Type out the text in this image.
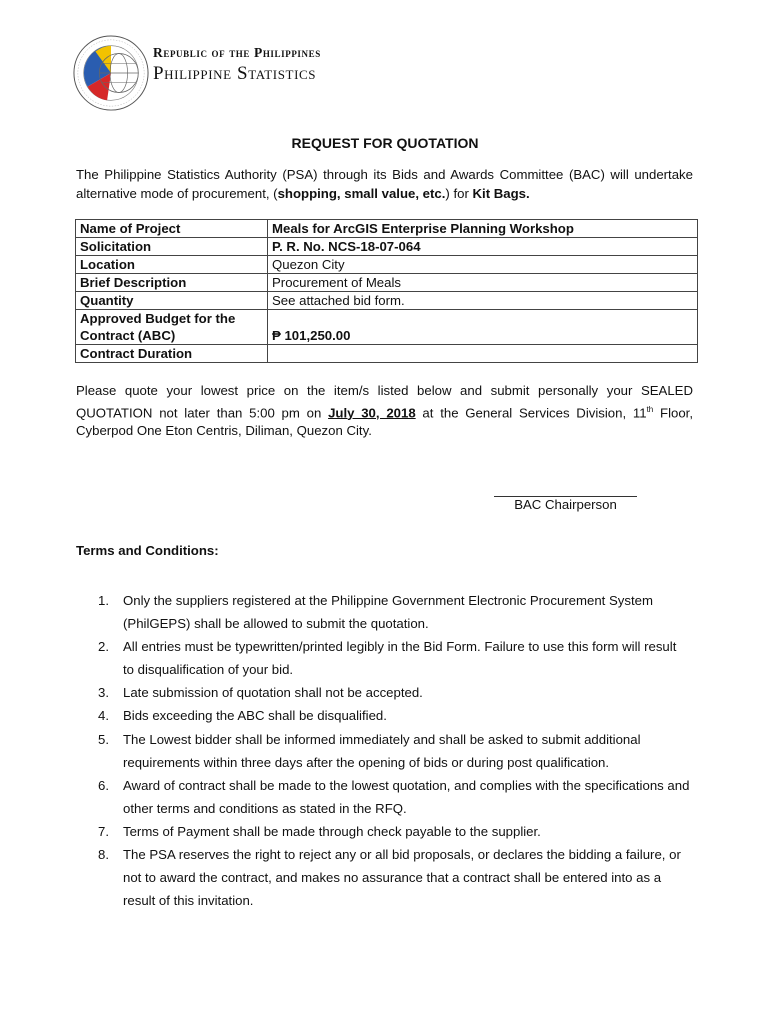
Republic of the Philippines
Philippine Statistics
REQUEST FOR QUOTATION
The Philippine Statistics Authority (PSA) through its Bids and Awards Committee (BAC) will undertake alternative mode of procurement, (shopping, small value, etc.) for Kit Bags.
Name of Project	Meals for ArcGIS Enterprise Planning Workshop
Solicitation	P. R. No. NCS-18-07-064
Location	Quezon City
Brief Description	Procurement of Meals
Quantity	See attached bid form.
Approved Budget for the
Contract (ABC)	₱ 101,250.00
Contract Duration	
Please quote your lowest price on the item/s listed below and submit personally your SEALED QUOTATION not later than 5:00 pm on July 30, 2018 at the General Services Division, 11th Floor, Cyberpod One Eton Centris, Diliman, Quezon City.
BAC Chairperson
Terms and Conditions:
1. Only the suppliers registered at the Philippine Government Electronic Procurement System (PhilGEPS) shall be allowed to submit the quotation.
2. All entries must be typewritten/printed legibly in the Bid Form. Failure to use this form will result to disqualification of your bid.
3. Late submission of quotation shall not be accepted.
4. Bids exceeding the ABC shall be disqualified.
5. The Lowest bidder shall be informed immediately and shall be asked to submit additional requirements within three days after the opening of bids or during post qualification.
6. Award of contract shall be made to the lowest quotation, and complies with the specifications and other terms and conditions as stated in the RFQ.
7. Terms of Payment shall be made through check payable to the supplier.
8. The PSA reserves the right to reject any or all bid proposals, or declares the bidding a failure, or not to award the contract, and makes no assurance that a contract shall be entered into as a result of this invitation.
